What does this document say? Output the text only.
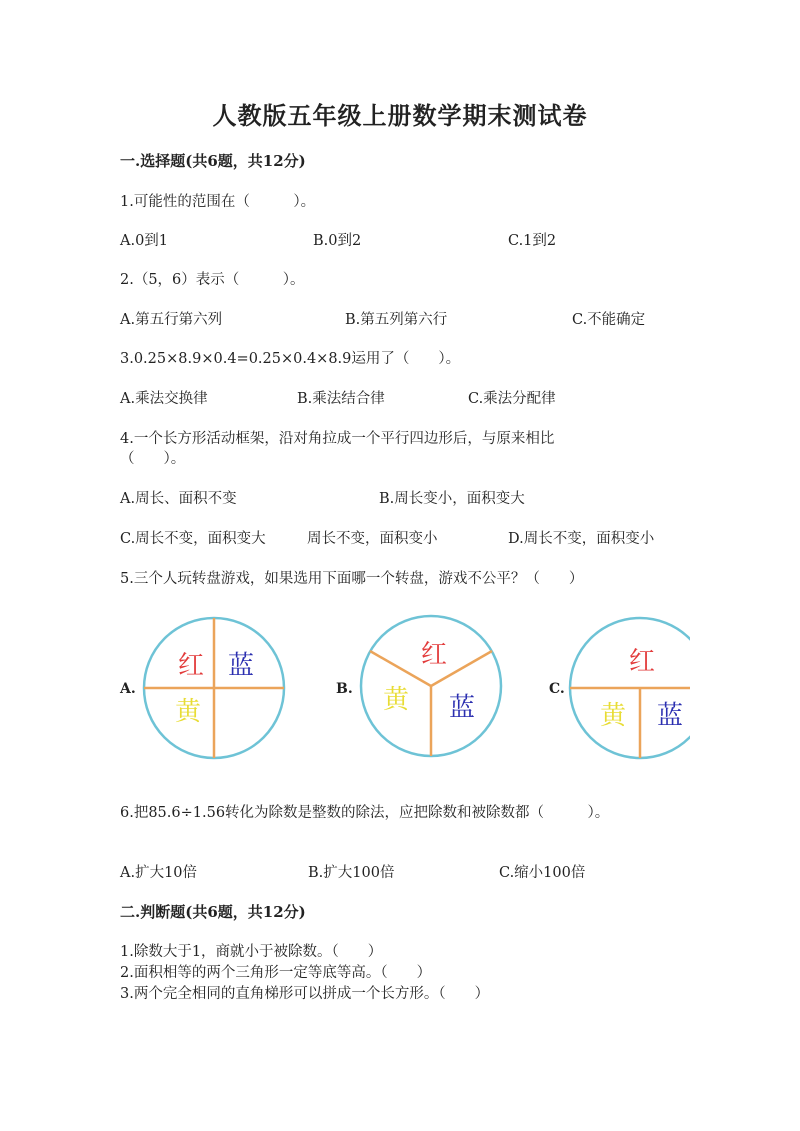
人教版五年级上册数学期末测试卷
一.选择题(共6题，共12分)
1.可能性的范围在（　　　）。
A.0到1	B.0到2	C.1到2
2.（5，6）表示（　　　）。
A.第五行第六列	B.第五列第六行	C.不能确定
3.0.25×8.9×0.4=0.25×0.4×8.9运用了（　　）。
A.乘法交换律	B.乘法结合律	C.乘法分配律
4.一个长方形活动框架，沿对角拉成一个平行四边形后，与原来相比
（　　）。
A.周长、面积不变	B.周长变小，面积变大
C.周长不变，面积变大	周长不变，面积变小	D.周长不变，面积变小
5.三个人玩转盘游戏，如果选用下面哪一个转盘，游戏不公平？（　　）
A.	B.	C.
红 蓝
黄
红
黄 蓝
红
黄 蓝
6.把85.6÷1.56转化为除数是整数的除法，应把除数和被除数都（　　　）。
A.扩大10倍	B.扩大100倍	C.缩小100倍
二.判断题(共6题，共12分)
1.除数大于1，商就小于被除数。（　　）
2.面积相等的两个三角形一定等底等高。（　　）
3.两个完全相同的直角梯形可以拼成一个长方形。（　　）
